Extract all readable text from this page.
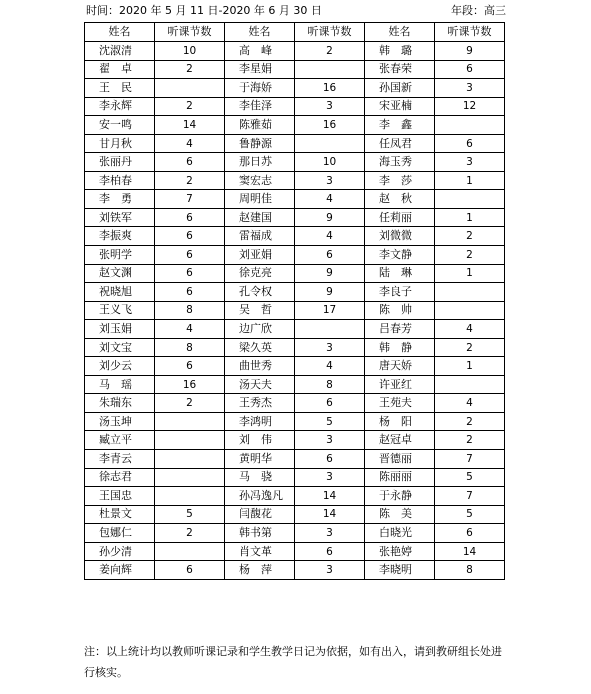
时间：2020 年 5 月 11 日-2020 年 6 月 30 日	年段：高三
姓名	听课节数	姓名	听课节数	姓名	听课节数
沈淑清	10	高　峰	2	韩　璐	9
翟　卓	2	李星娟		张春荣	6
王　民		于海娇	16	孙国新	3
李永辉	2	李佳泽	3	宋亚楠	12
安一鸣	14	陈雅茹	16	李　鑫	
甘月秋	4	鲁静源		任凤君	6
张丽丹	6	那日苏	10	海玉秀	3
李柏春	2	窦宏志	3	李　莎	1
李　勇	7	周明佳	4	赵　秋	
刘铁军	6	赵建国	9	任莉丽	1
李振爽	6	雷福成	4	刘微微	2
张明学	6	刘亚娟	6	李文静	2
赵文渊	6	徐克亮	9	陆　琳	1
祝晓旭	6	孔令权	9	李良子	
王义飞	8	吴　哲	17	陈　帅	
刘玉娟	4	边广欣		吕春芳	4
刘文宝	8	梁久英	3	韩　静	2
刘少云	6	曲世秀	4	唐天娇	1
马　瑶	16	汤天夫	8	许亚红	
朱瑞东	2	王秀杰	6	王苑夫	4
汤玉坤		李鸿明	5	杨　阳	2
臧立平		刘　伟	3	赵冠卓	2
李青云		黄明华	6	晋德丽	7
徐志君		马　骁	3	陈丽丽	5
王国忠		孙冯逸凡	14	于永静	7
杜景文	5	闫馥花	14	陈　美	5
包娜仁	2	韩书第	3	白晓光	6
孙少清		肖文革	6	张艳婷	14
姜向辉	6	杨　萍	3	李晓明	8
注：以上统计均以教师听课记录和学生教学日记为依据，如有出入，请到教研组长处进行核实。
